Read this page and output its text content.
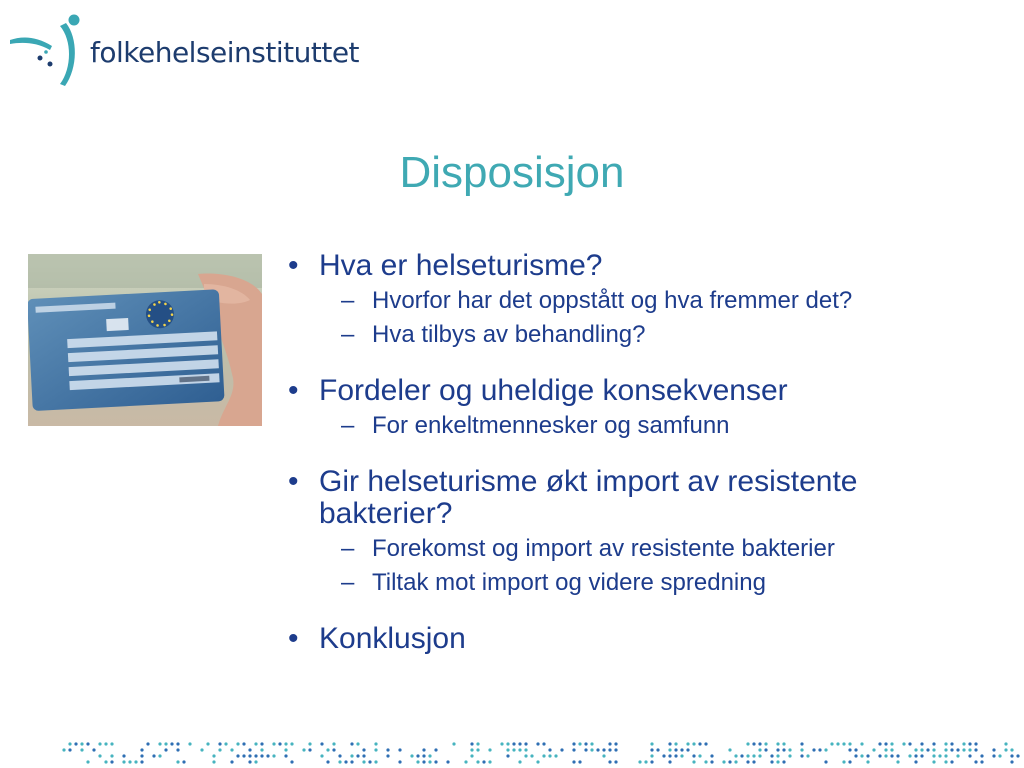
folkehelseinstituttet
Disposisjon
• Hva er helseturisme?
– Hvorfor har det oppstått og hva fremmer det?
– Hva tilbys av behandling?
• Fordeler og uheldige konsekvenser
– For enkeltmennesker og samfunn
• Gir helseturisme økt import av resistente bakterier?
– Forekomst og import av resistente bakterier
– Tiltak mot import og videre spredning
• Konklusjon
